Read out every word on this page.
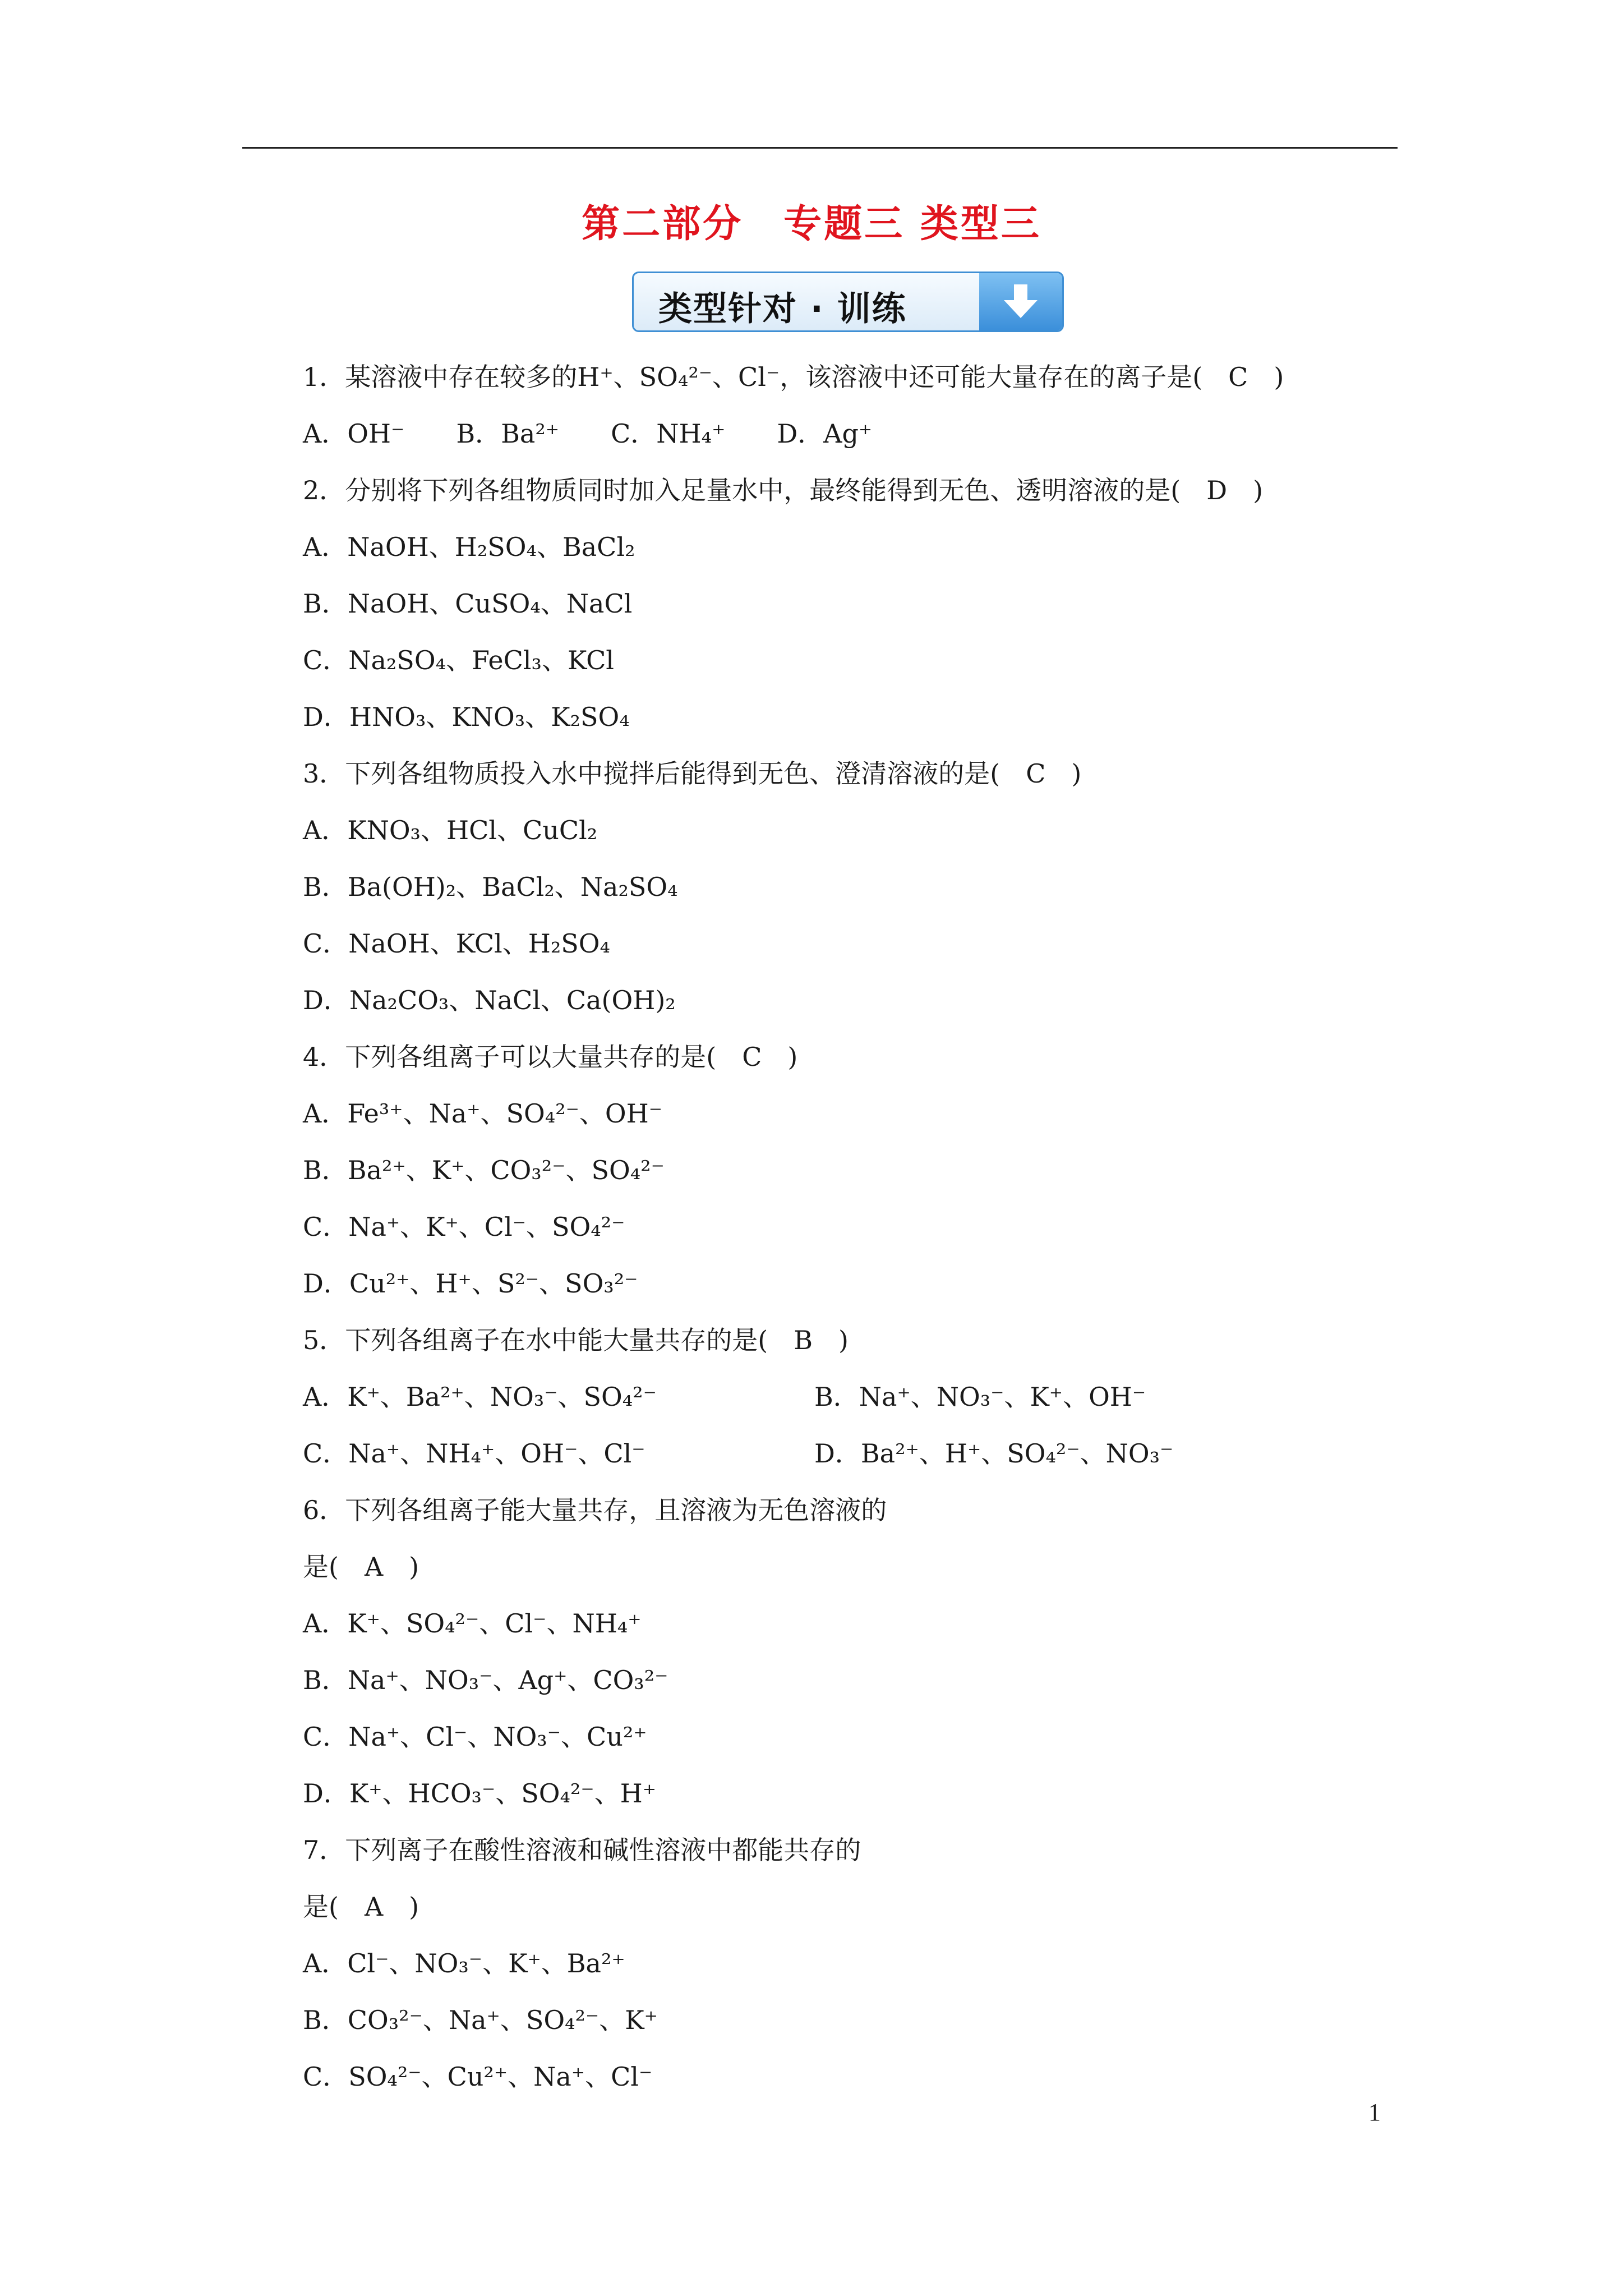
第二部分　专题三 类型三
类型针对 · 训练
1．某溶液中存在较多的H⁺、SO₄²⁻、Cl⁻，该溶液中还可能大量存在的离子是(　C　)
A．OH⁻　　B．Ba²⁺　　C．NH₄⁺　　D．Ag⁺
2．分别将下列各组物质同时加入足量水中，最终能得到无色、透明溶液的是(　D　)
A．NaOH、H₂SO₄、BaCl₂
B．NaOH、CuSO₄、NaCl
C．Na₂SO₄、FeCl₃、KCl
D．HNO₃、KNO₃、K₂SO₄
3．下列各组物质投入水中搅拌后能得到无色、澄清溶液的是(　C　)
A．KNO₃、HCl、CuCl₂
B．Ba(OH)₂、BaCl₂、Na₂SO₄
C．NaOH、KCl、H₂SO₄
D．Na₂CO₃、NaCl、Ca(OH)₂
4．下列各组离子可以大量共存的是(　C　)
A．Fe³⁺、Na⁺、SO₄²⁻、OH⁻
B．Ba²⁺、K⁺、CO₃²⁻、SO₄²⁻
C．Na⁺、K⁺、Cl⁻、SO₄²⁻
D．Cu²⁺、H⁺、S²⁻、SO₃²⁻
5．下列各组离子在水中能大量共存的是(　B　)
A．K⁺、Ba²⁺、NO₃⁻、SO₄²⁻	B．Na⁺、NO₃⁻、K⁺、OH⁻
C．Na⁺、NH₄⁺、OH⁻、Cl⁻	D．Ba²⁺、H⁺、SO₄²⁻、NO₃⁻
6．下列各组离子能大量共存，且溶液为无色溶液的
是(　A　)
A．K⁺、SO₄²⁻、Cl⁻、NH₄⁺
B．Na⁺、NO₃⁻、Ag⁺、CO₃²⁻
C．Na⁺、Cl⁻、NO₃⁻、Cu²⁺
D．K⁺、HCO₃⁻、SO₄²⁻、H⁺
7．下列离子在酸性溶液和碱性溶液中都能共存的
是(　A　)
A．Cl⁻、NO₃⁻、K⁺、Ba²⁺
B．CO₃²⁻、Na⁺、SO₄²⁻、K⁺
C．SO₄²⁻、Cu²⁺、Na⁺、Cl⁻
1
